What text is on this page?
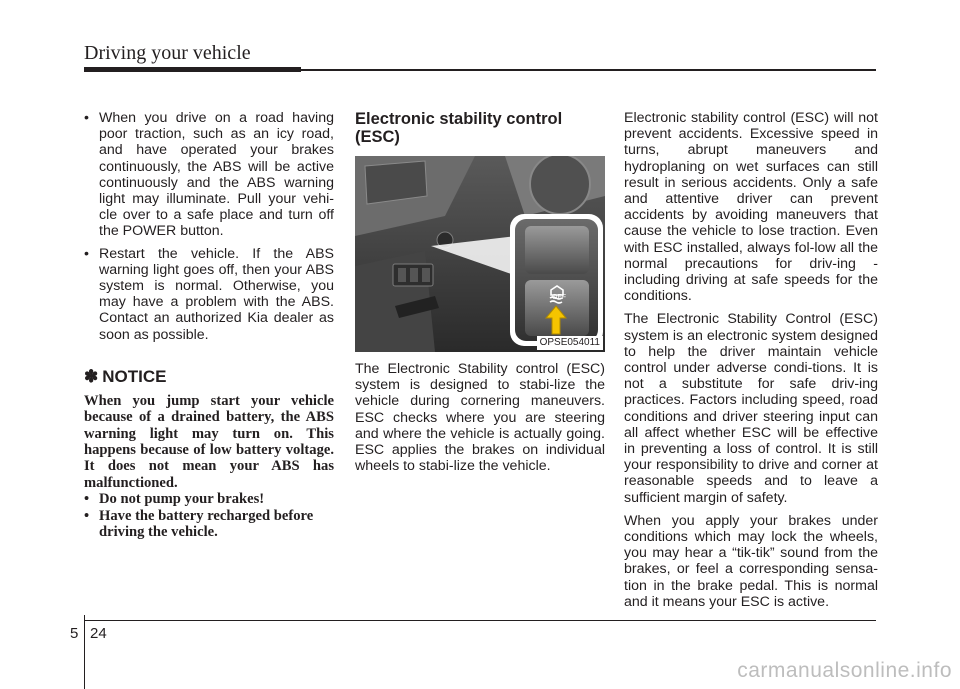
Driving your vehicle
• When you drive on a road having poor traction, such as an icy road, and have operated your brakes continuously, the ABS will be active continuously and the ABS warning light may illuminate. Pull your vehi-cle over to a safe place and turn off the POWER button.
• Restart the vehicle. If the ABS warning light goes off, then your ABS system is normal. Otherwise, you may have a problem with the ABS. Contact an authorized Kia dealer as soon as possible.
✽ NOTICE
When you jump start your vehicle because of a drained battery, the ABS warning light may turn on. This happens because of low battery voltage. It does not mean your ABS has malfunctioned.
• Do not pump your brakes!
• Have the battery recharged before driving the vehicle.
Electronic stability control (ESC)
OFF
OPSE054011

The Electronic Stability control (ESC) system is designed to stabi-lize the vehicle during cornering maneuvers. ESC checks where you are steering and where the vehicle is actually going. ESC applies the brakes on individual wheels to stabi-lize the vehicle.

Electronic stability control (ESC) will not prevent accidents. Excessive speed in turns, abrupt maneuvers and hydroplaning on wet surfaces can still result in serious accidents. Only a safe and attentive driver can prevent accidents by avoiding maneuvers that cause the vehicle to lose traction. Even with ESC installed, always fol-low all the normal precautions for driv-ing - including driving at safe speeds for the conditions.

The Electronic Stability Control (ESC) system is an electronic system designed to help the driver maintain vehicle control under adverse condi-tions. It is not a substitute for safe driv-ing practices. Factors including speed, road conditions and driver steering input can all affect whether ESC will be effective in preventing a loss of control. It is still your responsibility to drive and corner at reasonable speeds and to leave a sufficient margin of safety.

When you apply your brakes under conditions which may lock the wheels, you may hear a “tik-tik” sound from the brakes, or feel a corresponding sensa-tion in the brake pedal. This is normal and it means your ESC is active.

5 24
carmanualsonline.info
